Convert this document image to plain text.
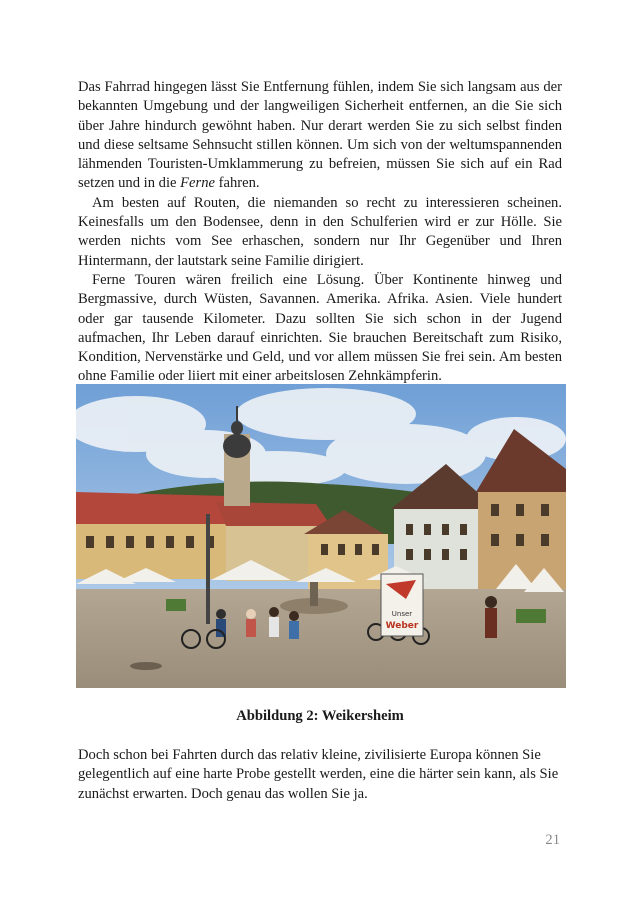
Das Fahrrad hingegen lässt Sie Entfernung fühlen, indem Sie sich langsam aus der bekannten Umgebung und der langweiligen Sicherheit entfernen, an die Sie sich über Jahre hindurch gewöhnt haben. Nur derart werden Sie zu sich selbst finden und diese seltsame Sehnsucht stillen können. Um sich von der weltumspannenden lähmenden Touristen-Umklammerung zu befreien, müssen Sie sich auf ein Rad setzen und in die Ferne fahren.

Am besten auf Routen, die niemanden so recht zu interessieren scheinen. Keinesfalls um den Bodensee, denn in den Schulferien wird er zur Hölle. Sie werden nichts vom See erhaschen, sondern nur Ihr Gegenüber und Ihren Hintermann, der lautstark seine Familie dirigiert.

Ferne Touren wären freilich eine Lösung. Über Kontinente hinweg und Bergmassive, durch Wüsten, Savannen. Amerika. Afrika. Asien. Viele hundert oder gar tausende Kilometer. Dazu sollten Sie sich schon in der Jugend aufmachen, Ihr Leben darauf einrichten. Sie brauchen Bereitschaft zum Risiko, Kondition, Nervenstärke und Geld, und vor allem müssen Sie frei sein. Am besten ohne Familie oder liiert mit einer arbeitslosen Zehnkämpferin.

Unser
Weber
Abbildung 2: Weikersheim

Doch schon bei Fahrten durch das relativ kleine, zivilisierte Europa können Sie gelegentlich auf eine harte Probe gestellt werden, eine die härter sein kann, als Sie zunächst erwarten. Doch genau das wollen Sie ja.

21
